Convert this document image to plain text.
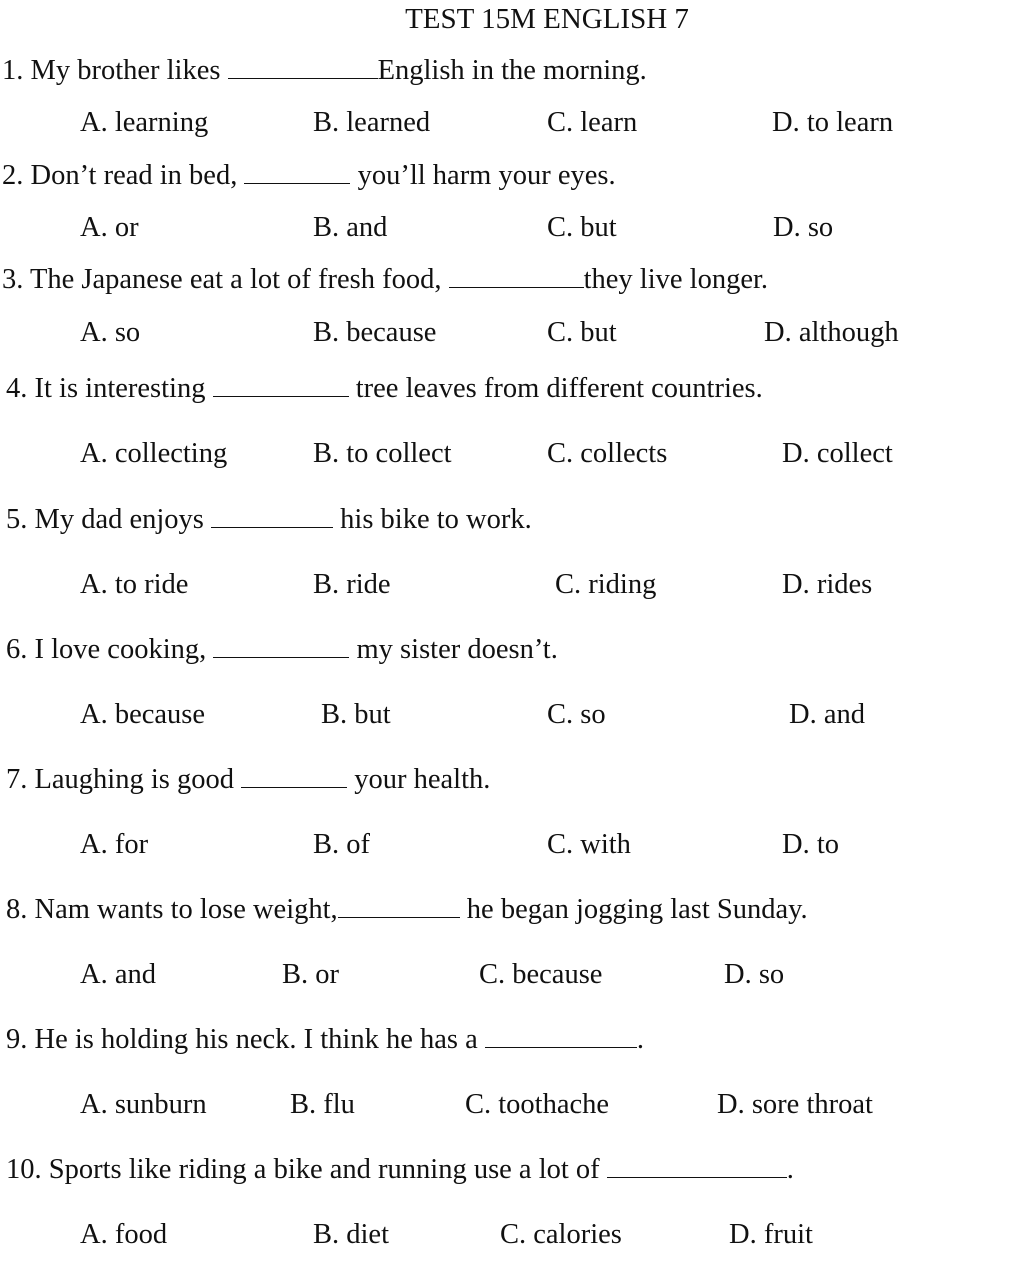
TEST 15M ENGLISH 7
1. My brother likes	English in the morning.
A. learning	B. learned	C. learn	D. to learn
2. Don’t read in bed,	you’ll harm your eyes.
A. or	B. and	C. but	D. so
3. The Japanese eat a lot of fresh food,	they live longer.
A. so	B. because	C. but	D. although
4. It is interesting	tree leaves from different countries.
A. collecting	B. to collect	C. collects	D. collect
5. My dad enjoys	his bike to work.
A. to ride	B. ride	C. riding	D. rides
6. I love cooking,	my sister doesn’t.
A. because	B. but	C. so	D. and
7. Laughing is good	your health.
A. for	B. of	C. with	D. to
8. Nam wants to lose weight,	he began jogging last Sunday.
A. and	B. or	C. because	D. so
9. He is holding his neck. I think he has a	.
A. sunburn	B. flu	C. toothache	D. sore throat
10. Sports like riding a bike and running use a lot of	.
A. food	B. diet	C. calories	D. fruit
